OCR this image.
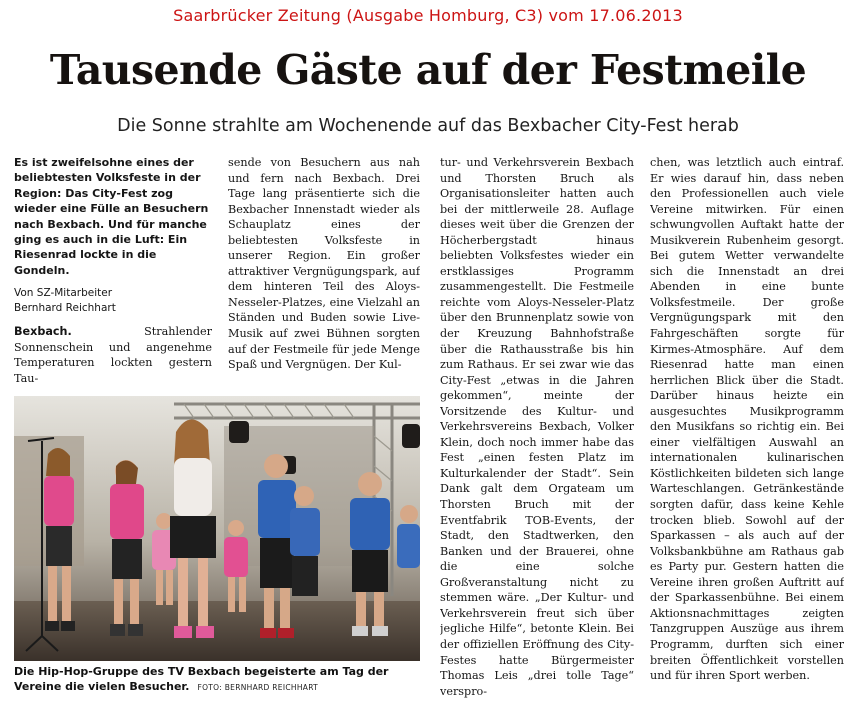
Saarbrücker Zeitung (Ausgabe Homburg, C3) vom 17.06.2013
Tausende Gäste auf der Festmeile
Die Sonne strahlte am Wochenende auf das Bexbacher City-Fest herab

Es ist zweifelsohne eines der beliebtesten Volksfeste in der Region: Das City-Fest zog wieder eine Fülle an Besuchern nach Bexbach. Und für manche ging es auch in die Luft: Ein Riesenrad lockte in die Gondeln.

Von SZ-Mitarbeiter
Bernhard Reichhart

Bexbach.	Strahlender Sonnenschein und angenehme Temperaturen lockten gestern Tau-

sende von Besuchern aus nah und fern nach Bexbach. Drei Tage lang präsentierte sich die Bexbacher Innenstadt wieder als Schauplatz eines der beliebtesten Volksfeste in unserer Region. Ein großer attraktiver Vergnügungspark, auf dem hinteren Teil des Aloys-Nesseler-Platzes, eine Vielzahl an Ständen und Buden sowie Live-Musik auf zwei Bühnen sorgten auf der Festmeile für jede Menge Spaß und Vergnügen. Der Kul-

tur- und Verkehrsverein Bexbach und Thorsten Bruch als Organisationsleiter hatten auch bei der mittlerweile 28. Auflage dieses weit über die Grenzen der Höcherbergstadt hinaus beliebten Volksfestes wieder ein erstklassiges Programm zusammengestellt. Die Festmeile reichte vom Aloys-Nesseler-Platz über den Brunnenplatz sowie von der Kreuzung Bahnhofstraße über die Rathausstraße bis hin zum Rathaus. Er sei zwar wie das City-Fest „etwas in die Jahren gekommen“, meinte der Vorsitzende des Kultur- und Verkehrsvereins Bexbach, Volker Klein, doch noch immer habe das Fest „einen festen Platz im Kulturkalender der Stadt“. Sein Dank galt dem Orgateam um Thorsten Bruch mit der Eventfabrik TOB-Events, der Stadt, den Stadtwerken, den Banken und der Brauerei, ohne die eine solche Großveranstaltung nicht zu stemmen wäre. „Der Kultur- und Verkehrsverein freut sich über jegliche Hilfe“, betonte Klein. Bei der offiziellen Eröffnung des City-Festes hatte Bürgermeister Thomas Leis „drei tolle Tage“ verspro-

chen, was letztlich auch eintraf. Er wies darauf hin, dass neben den Professionellen auch viele Vereine mitwirken. Für einen schwungvollen Auftakt hatte der Musikverein Rubenheim gesorgt. Bei gutem Wetter verwandelte sich die Innenstadt an drei Abenden in eine bunte Volksfestmeile. Der große Vergnügungspark mit den Fahrgeschäften sorgte für Kirmes-Atmosphäre. Auf dem Riesenrad hatte man einen herrlichen Blick über die Stadt. Darüber hinaus heizte ein ausgesuchtes Musikprogramm den Musikfans so richtig ein. Bei einer vielfältigen Auswahl an internationalen kulinarischen Köstlichkeiten bildeten sich lange Warteschlangen. Getränkestände sorgten dafür, dass keine Kehle trocken blieb. Sowohl auf der Sparkassen – als auch auf der Volksbankbühne am Rathaus gab es Party pur. Gestern hatten die Vereine ihren großen Auftritt auf der Sparkassenbühne. Bei einem Aktionsnachmittages zeigten Tanzgruppen Auszüge aus ihrem Programm, durften sich einer breiten Öffentlichkeit vorstellen und für ihren Sport werben.

Die Hip-Hop-Gruppe des TV Bexbach begeisterte am Tag der Vereine die vielen Besucher. FOTO: BERNHARD REICHHART
